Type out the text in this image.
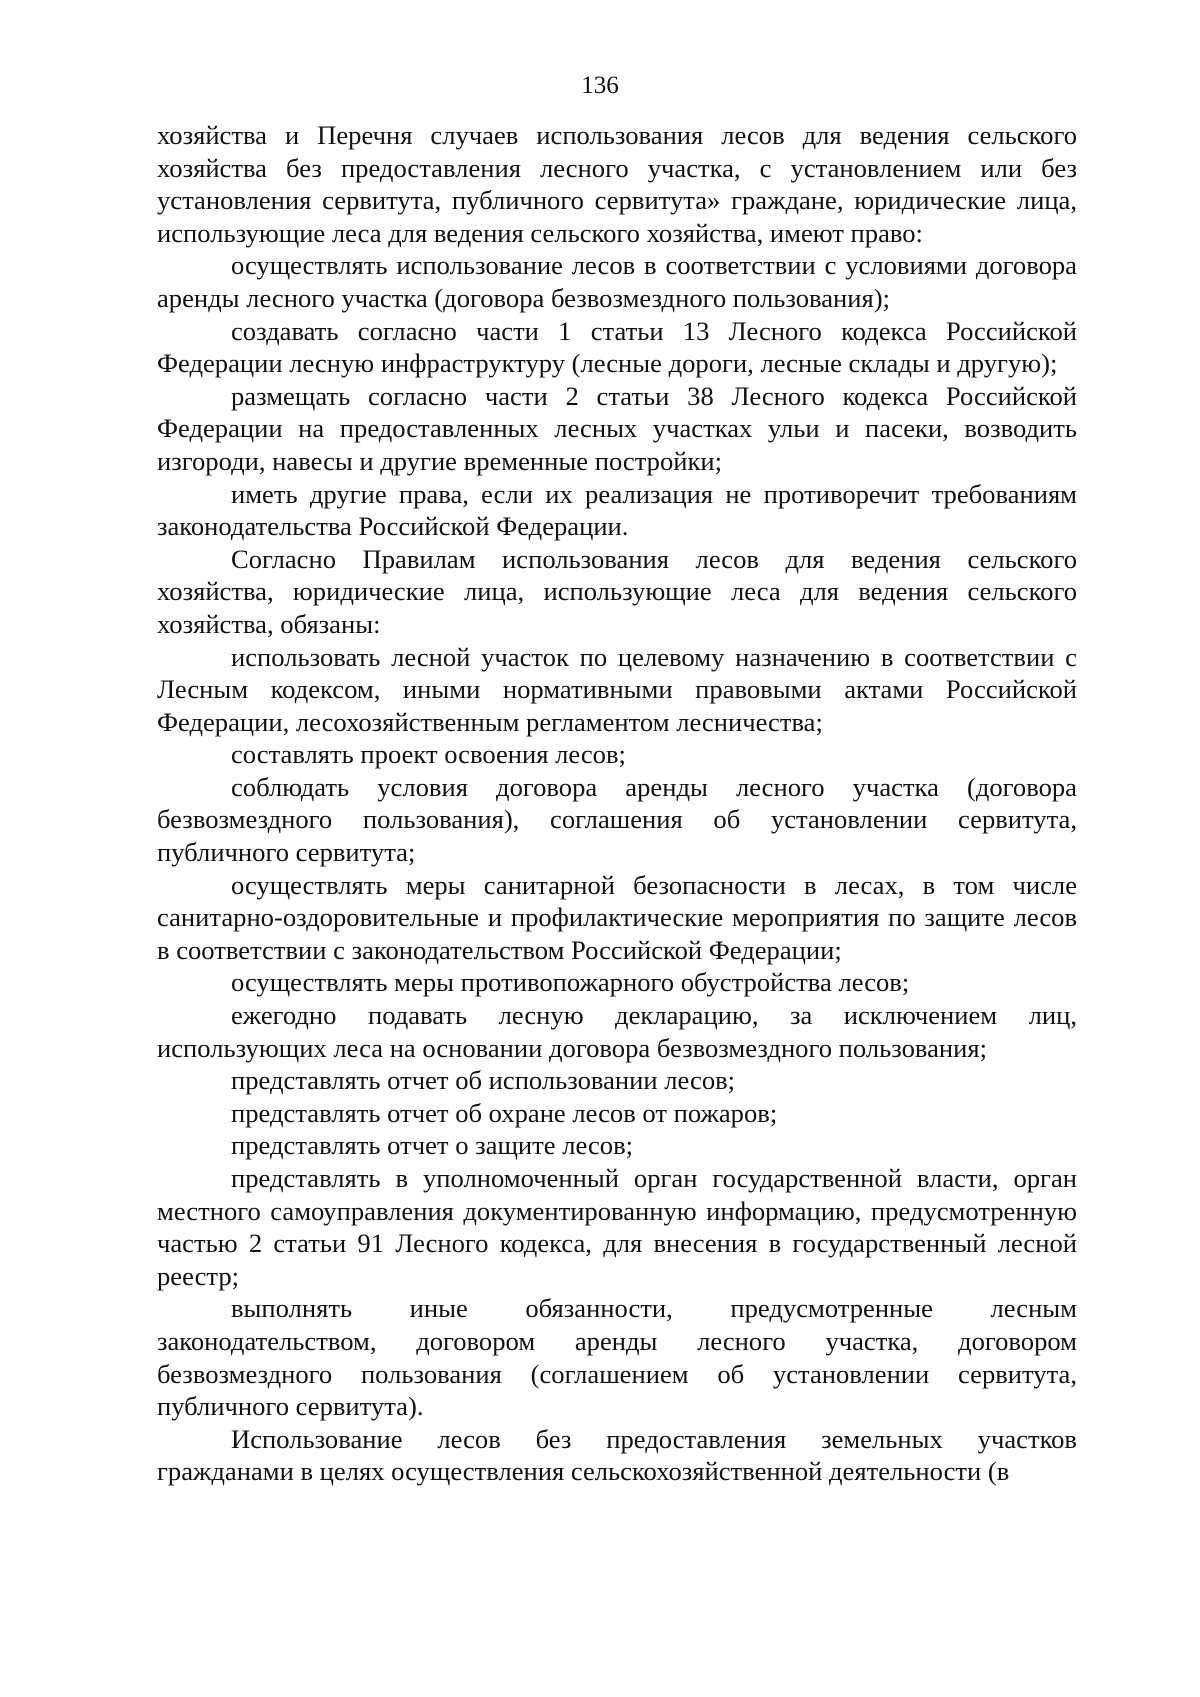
136

хозяйства и Перечня случаев использования лесов для ведения сельского хозяйства без предоставления лесного участка, с установлением или без установления сервитута, публичного сервитута» граждане, юридические лица, использующие леса для ведения сельского хозяйства, имеют право:

осуществлять использование лесов в соответствии с условиями договора аренды лесного участка (договора безвозмездного пользования);

создавать согласно части 1 статьи 13 Лесного кодекса Российской Федерации лесную инфраструктуру (лесные дороги, лесные склады и другую);

размещать согласно части 2 статьи 38 Лесного кодекса Российской Федерации на предоставленных лесных участках ульи и пасеки, возводить изгороди, навесы и другие временные постройки;

иметь другие права, если их реализация не противоречит требованиям законодательства Российской Федерации.

Согласно Правилам использования лесов для ведения сельского хозяйства, юридические лица, использующие леса для ведения сельского хозяйства, обязаны:

использовать лесной участок по целевому назначению в соответствии с Лесным кодексом, иными нормативными правовыми актами Российской Федерации, лесохозяйственным регламентом лесничества;

составлять проект освоения лесов;

соблюдать условия договора аренды лесного участка (договора безвозмездного пользования), соглашения об установлении сервитута, публичного сервитута;

осуществлять меры санитарной безопасности в лесах, в том числе санитарно-оздоровительные и профилактические мероприятия по защите лесов в соответствии с законодательством Российской Федерации;

осуществлять меры противопожарного обустройства лесов;

ежегодно подавать лесную декларацию, за исключением лиц, использующих леса на основании договора безвозмездного пользования;

представлять отчет об использовании лесов;

представлять отчет об охране лесов от пожаров;

представлять отчет о защите лесов;

представлять в уполномоченный орган государственной власти, орган местного самоуправления документированную информацию, предусмотренную частью 2 статьи 91 Лесного кодекса, для внесения в государственный лесной реестр;

выполнять иные обязанности, предусмотренные лесным законодательством, договором аренды лесного участка, договором безвозмездного пользования (соглашением об установлении сервитута, публичного сервитута).

Использование лесов без предоставления земельных участков гражданами в целях осуществления сельскохозяйственной деятельности (в
